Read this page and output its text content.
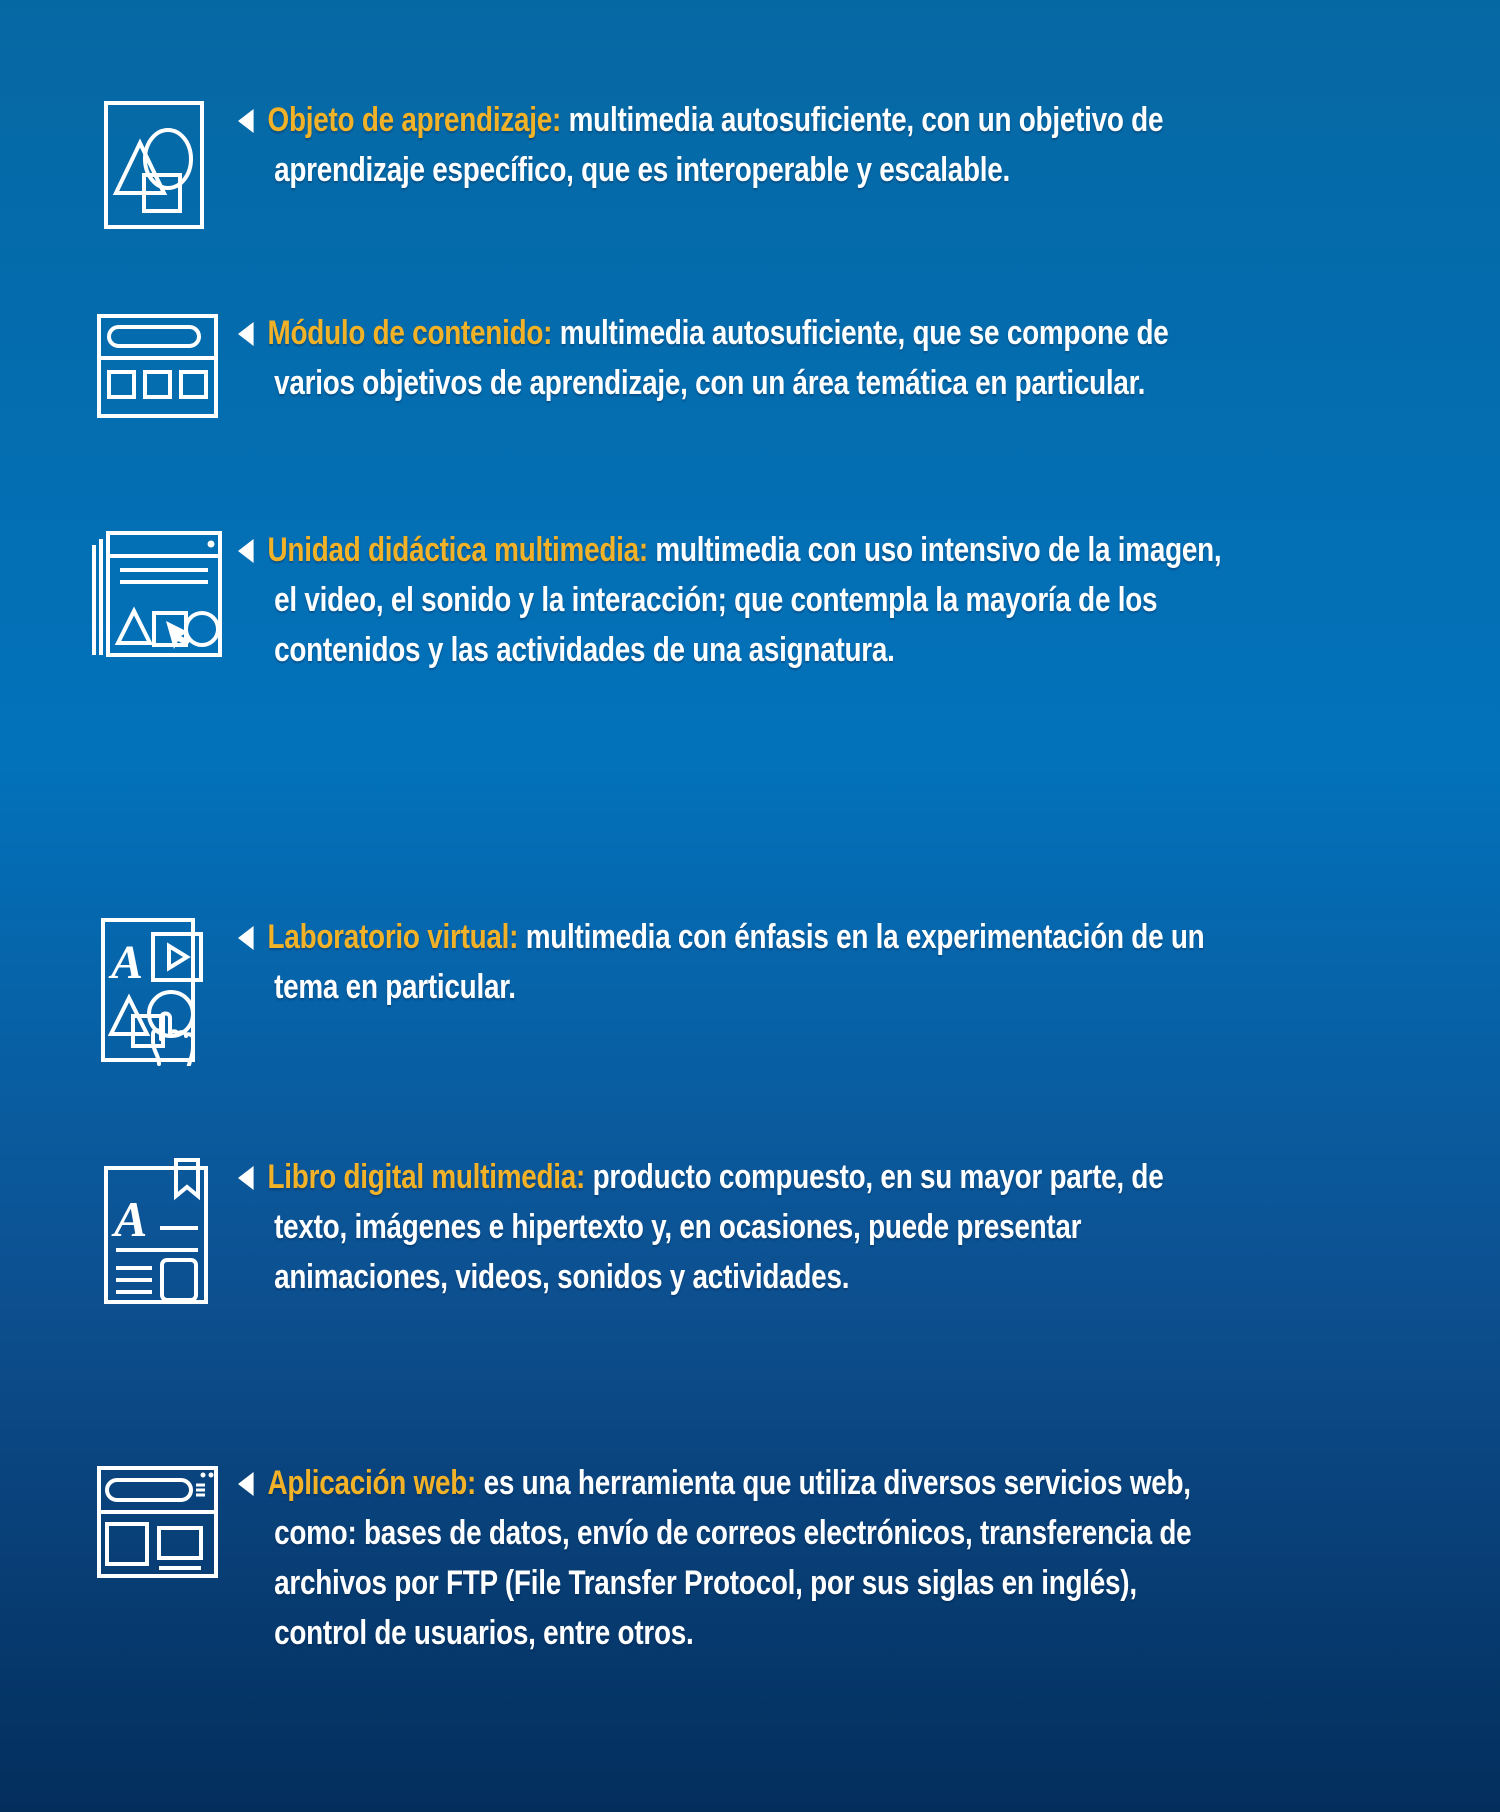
Objeto de aprendizaje: multimedia autosuficiente, con un objetivo de aprendizaje específico, que es interoperable y escalable.

Módulo de contenido: multimedia autosuficiente, que se compone de varios objetivos de aprendizaje, con un área temática en particular.

Unidad didáctica multimedia: multimedia con uso intensivo de la imagen, el video, el sonido y la interacción; que contempla la mayoría de los contenidos y las actividades de una asignatura.

A	Laboratorio virtual: multimedia con énfasis en la experimentación de un tema en particular.

A

Libro digital multimedia: producto compuesto, en su mayor parte, de texto, imágenes e hipertexto y, en ocasiones, puede presentar animaciones, videos, sonidos y actividades.

Aplicación web: es una herramienta que utiliza diversos servicios web, como: bases de datos, envío de correos electrónicos, transferencia de archivos por FTP (File Transfer Protocol, por sus siglas en inglés), control de usuarios, entre otros.
